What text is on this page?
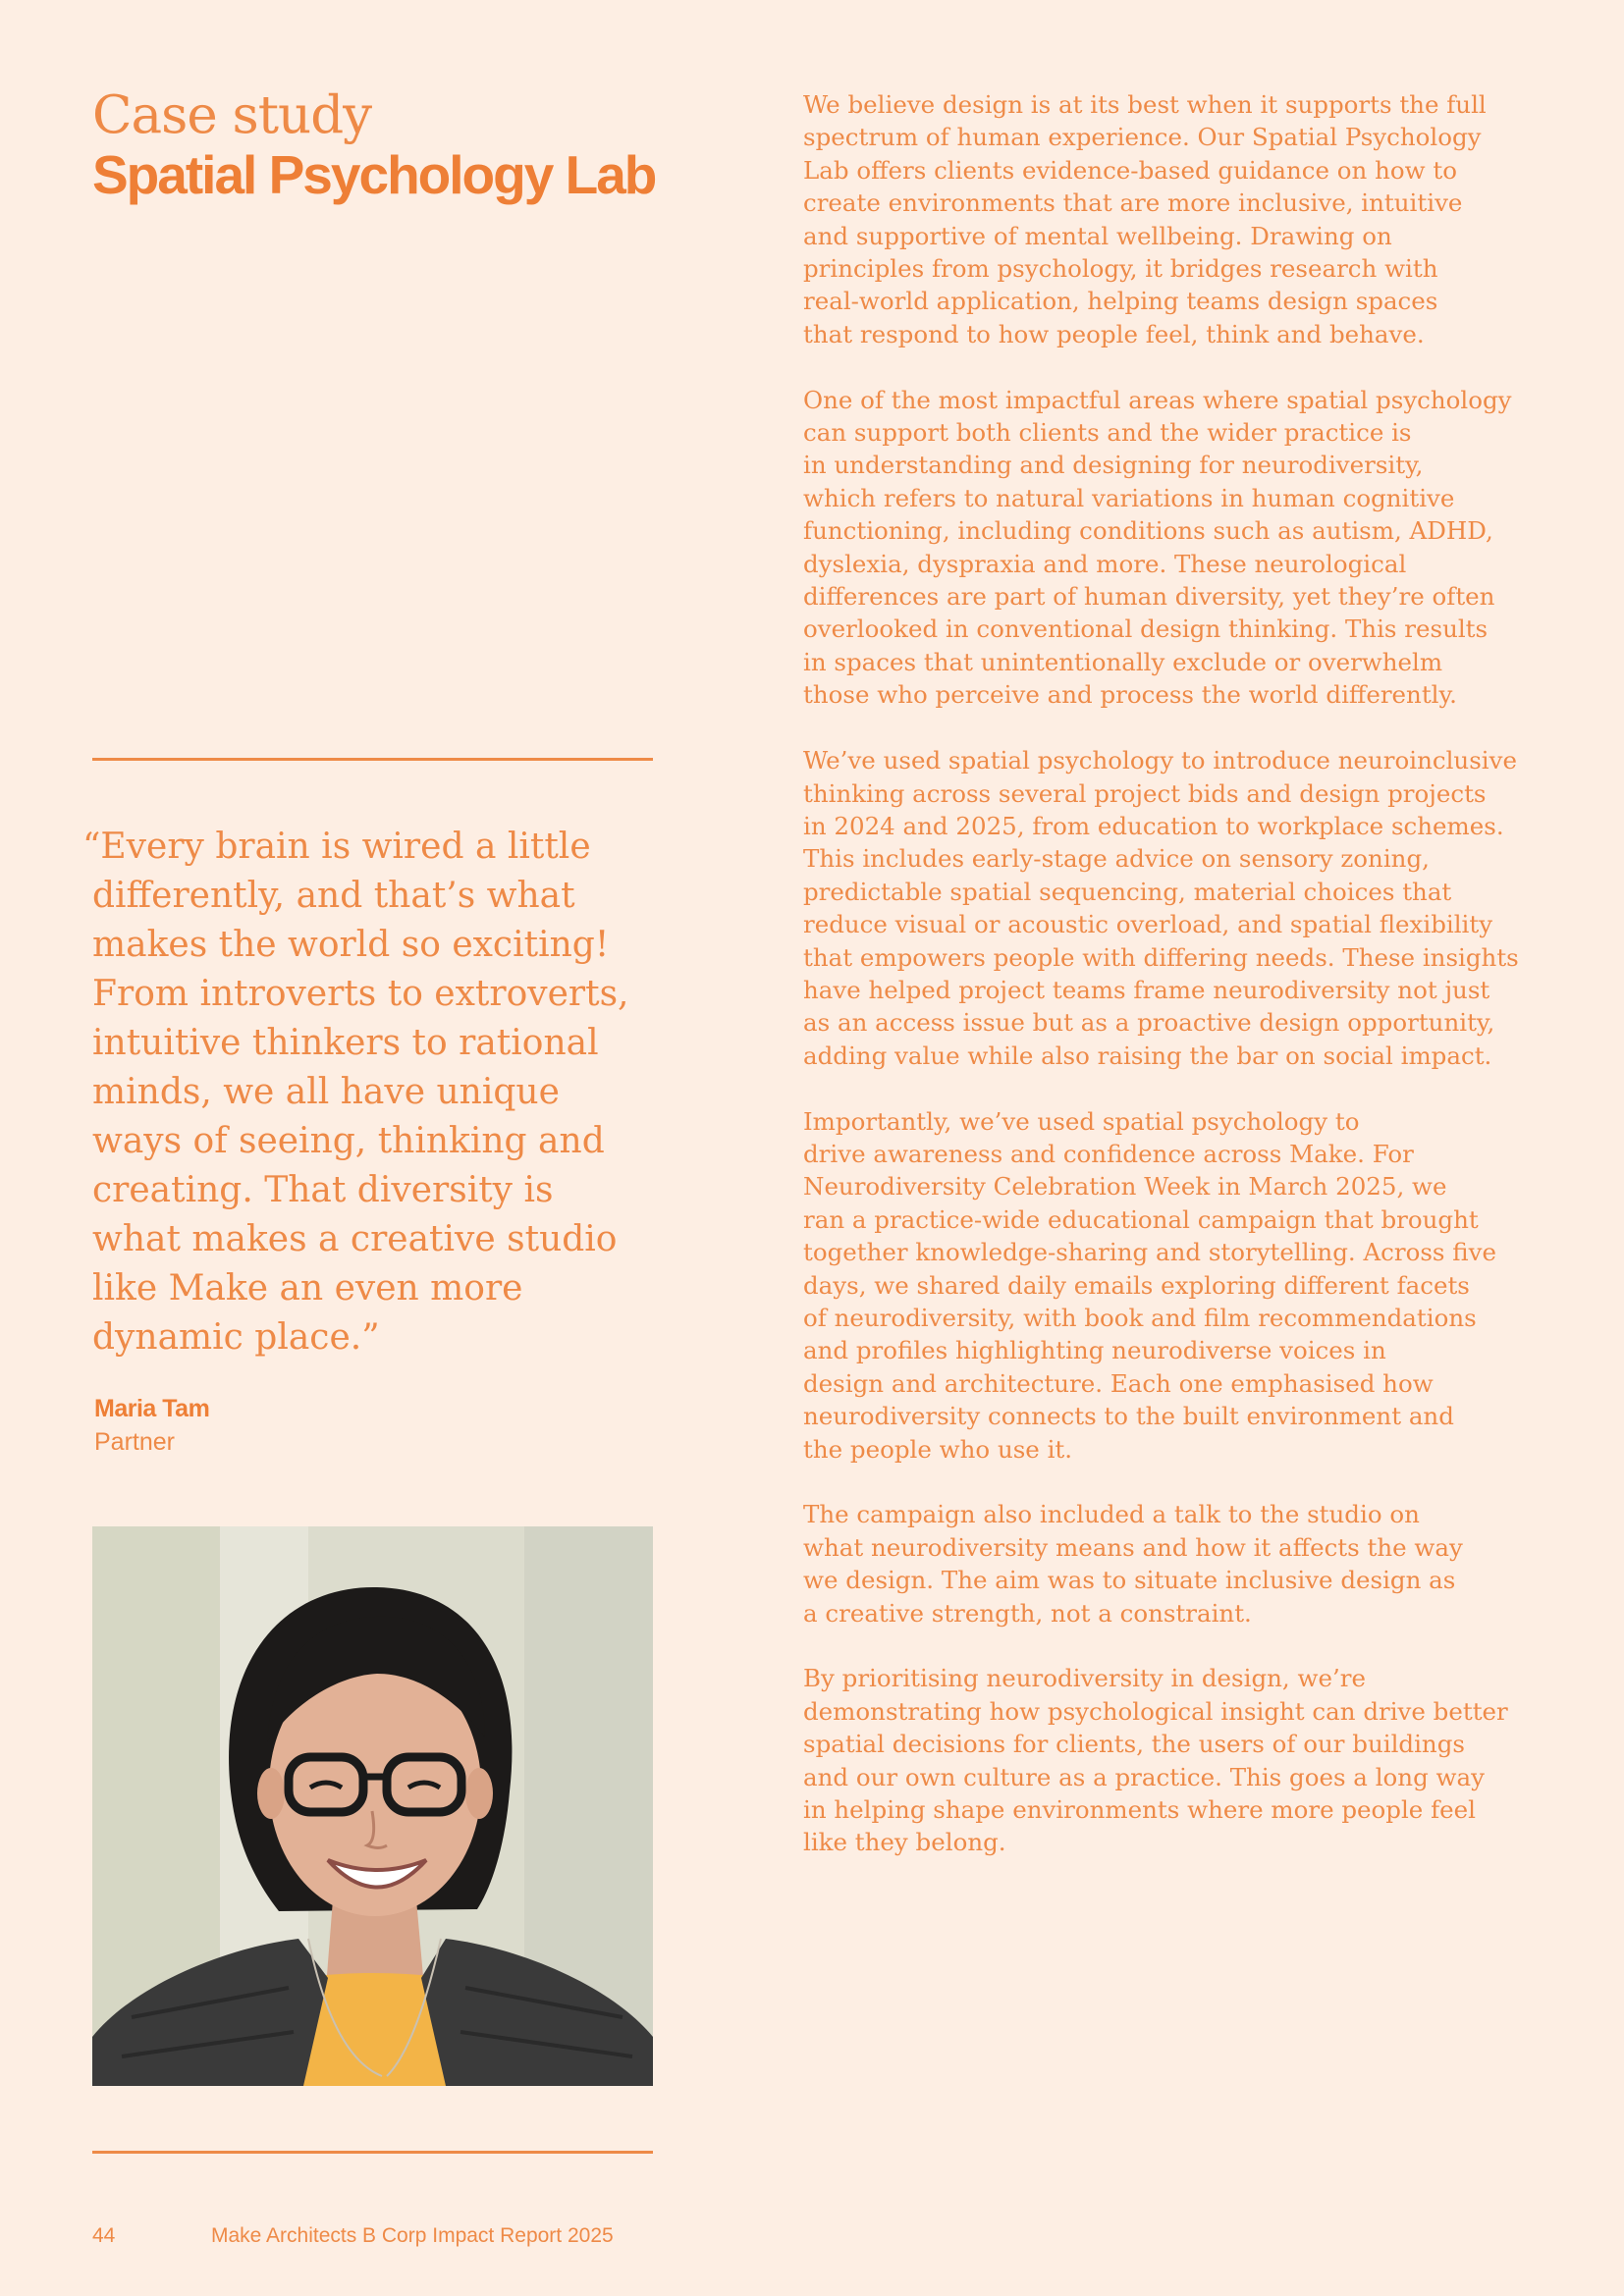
Case study
Spatial Psychology Lab
“Every brain is wired a little
differently, and that’s what
makes the world so exciting!
From introverts to extroverts,
intuitive thinkers to rational
minds, we all have unique
ways of seeing, thinking and
creating. That diversity is
what makes a creative studio
like Make an even more
dynamic place.”
Maria Tam
Partner

We believe design is at its best when it supports the full
spectrum of human experience. Our Spatial Psychology
Lab offers clients evidence-based guidance on how to
create environments that are more inclusive, intuitive
and supportive of mental wellbeing. Drawing on
principles from psychology, it bridges research with
real-world application, helping teams design spaces
that respond to how people feel, think and behave.

One of the most impactful areas where spatial psychology
can support both clients and the wider practice is
in understanding and designing for neurodiversity,
which refers to natural variations in human cognitive
functioning, including conditions such as autism, ADHD,
dyslexia, dyspraxia and more. These neurological
differences are part of human diversity, yet they’re often
overlooked in conventional design thinking. This results
in spaces that unintentionally exclude or overwhelm
those who perceive and process the world differently.

We’ve used spatial psychology to introduce neuroinclusive
thinking across several project bids and design projects
in 2024 and 2025, from education to workplace schemes.
This includes early-stage advice on sensory zoning,
predictable spatial sequencing, material choices that
reduce visual or acoustic overload, and spatial flexibility
that empowers people with differing needs. These insights
have helped project teams frame neurodiversity not just
as an access issue but as a proactive design opportunity,
adding value while also raising the bar on social impact.

Importantly, we’ve used spatial psychology to
drive awareness and confidence across Make. For
Neurodiversity Celebration Week in March 2025, we
ran a practice-wide educational campaign that brought
together knowledge-sharing and storytelling. Across five
days, we shared daily emails exploring different facets
of neurodiversity, with book and film recommendations
and profiles highlighting neurodiverse voices in
design and architecture. Each one emphasised how
neurodiversity connects to the built environment and
the people who use it.

The campaign also included a talk to the studio on
what neurodiversity means and how it affects the way
we design. The aim was to situate inclusive design as
a creative strength, not a constraint.

By prioritising neurodiversity in design, we’re
demonstrating how psychological insight can drive better
spatial decisions for clients, the users of our buildings
and our own culture as a practice. This goes a long way
in helping shape environments where more people feel
like they belong.

44	Make Architects B Corp Impact Report 2025
